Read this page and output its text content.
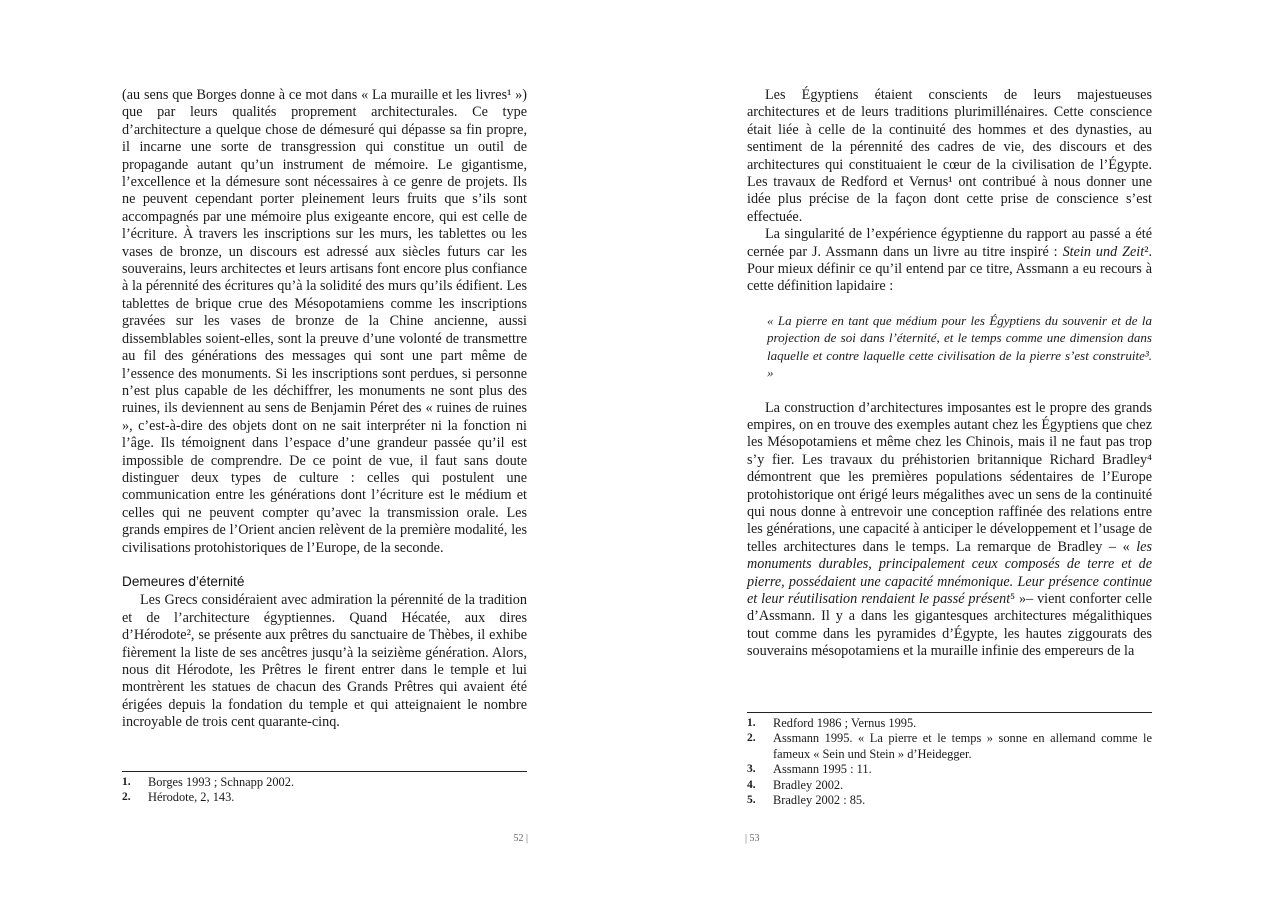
(au sens que Borges donne à ce mot dans « La muraille et les livres¹ ») que par leurs qualités proprement architecturales. Ce type d’architecture a quelque chose de démesuré qui dépasse sa fin propre, il incarne une sorte de transgression qui constitue un outil de propagande autant qu’un instrument de mémoire. Le gigantisme, l’excellence et la démesure sont nécessaires à ce genre de projets. Ils ne peuvent cependant porter pleinement leurs fruits que s’ils sont accompagnés par une mémoire plus exigeante encore, qui est celle de l’écriture. À travers les inscriptions sur les murs, les tablettes ou les vases de bronze, un discours est adressé aux siècles futurs car les souverains, leurs architectes et leurs artisans font encore plus confiance à la pérennité des écritures qu’à la solidité des murs qu’ils édifient. Les tablettes de brique crue des Mésopotamiens comme les inscriptions gravées sur les vases de bronze de la Chine ancienne, aussi dissemblables soient-elles, sont la preuve d’une volonté de transmettre au fil des générations des messages qui sont une part même de l’essence des monuments. Si les inscriptions sont perdues, si personne n’est plus capable de les déchiffrer, les monuments ne sont plus des ruines, ils deviennent au sens de Benjamin Péret des « ruines de ruines », c’est-à-dire des objets dont on ne sait interpréter ni la fonction ni l’âge. Ils témoignent dans l’espace d’une grandeur passée qu’il est impossible de comprendre. De ce point de vue, il faut sans doute distinguer deux types de culture : celles qui postulent une communication entre les générations dont l’écriture est le médium et celles qui ne peuvent compter qu’avec la transmission orale. Les grands empires de l’Orient ancien relèvent de la première modalité, les civilisations protohistoriques de l’Europe, de la seconde.

Demeures d’éternité

Les Grecs considéraient avec admiration la pérennité de la tradition et de l’architecture égyptiennes. Quand Hécatée, aux dires d’Hérodote², se présente aux prêtres du sanctuaire de Thèbes, il exhibe fièrement la liste de ses ancêtres jusqu’à la seizième génération. Alors, nous dit Hérodote, les Prêtres le firent entrer dans le temple et lui montrèrent les statues de chacun des Grands Prêtres qui avaient été érigées depuis la fondation du temple et qui atteignaient le nombre incroyable de trois cent quarante-cinq.

1.	Borges 1993 ; Schnapp 2002.
2.	Hérodote, 2, 143.
52 |

Les Égyptiens étaient conscients de leurs majestueuses architectures et de leurs traditions plurimillénaires. Cette conscience était liée à celle de la continuité des hommes et des dynasties, au sentiment de la pérennité des cadres de vie, des discours et des architectures qui constituaient le cœur de la civilisation de l’Égypte. Les travaux de Redford et Vernus¹ ont contribué à nous donner une idée plus précise de la façon dont cette prise de conscience s’est effectuée.

La singularité de l’expérience égyptienne du rapport au passé a été cernée par J. Assmann dans un livre au titre inspiré : Stein und Zeit². Pour mieux définir ce qu’il entend par ce titre, Assmann a eu recours à cette définition lapidaire :

« La pierre en tant que médium pour les Égyptiens du souvenir et de la projection de soi dans l’éternité, et le temps comme une dimension dans laquelle et contre laquelle cette civilisation de la pierre s’est construite³. »

La construction d’architectures imposantes est le propre des grands empires, on en trouve des exemples autant chez les Égyptiens que chez les Mésopotamiens et même chez les Chinois, mais il ne faut pas trop s’y fier. Les travaux du préhistorien britannique Richard Bradley⁴ démontrent que les premières populations sédentaires de l’Europe protohistorique ont érigé leurs mégalithes avec un sens de la continuité qui nous donne à entrevoir une conception raffinée des relations entre les générations, une capacité à anticiper le développement et l’usage de telles architectures dans le temps. La remarque de Bradley – « les monuments durables, principalement ceux composés de terre et de pierre, possédaient une capacité mnémonique. Leur présence continue et leur réutilisation rendaient le passé présent⁵ »– vient conforter celle d’Assmann. Il y a dans les gigantesques architectures mégalithiques tout comme dans les pyramides d’Égypte, les hautes ziggourats des souverains mésopotamiens et la muraille infinie des empereurs de la

1.	Redford 1986 ; Vernus 1995.
2.	Assmann 1995. « La pierre et le temps » sonne en allemand comme le fameux « Sein und Stein » d’Heidegger.
3.	Assmann 1995 : 11.
4.	Bradley 2002.
5.	Bradley 2002 : 85.
| 53
